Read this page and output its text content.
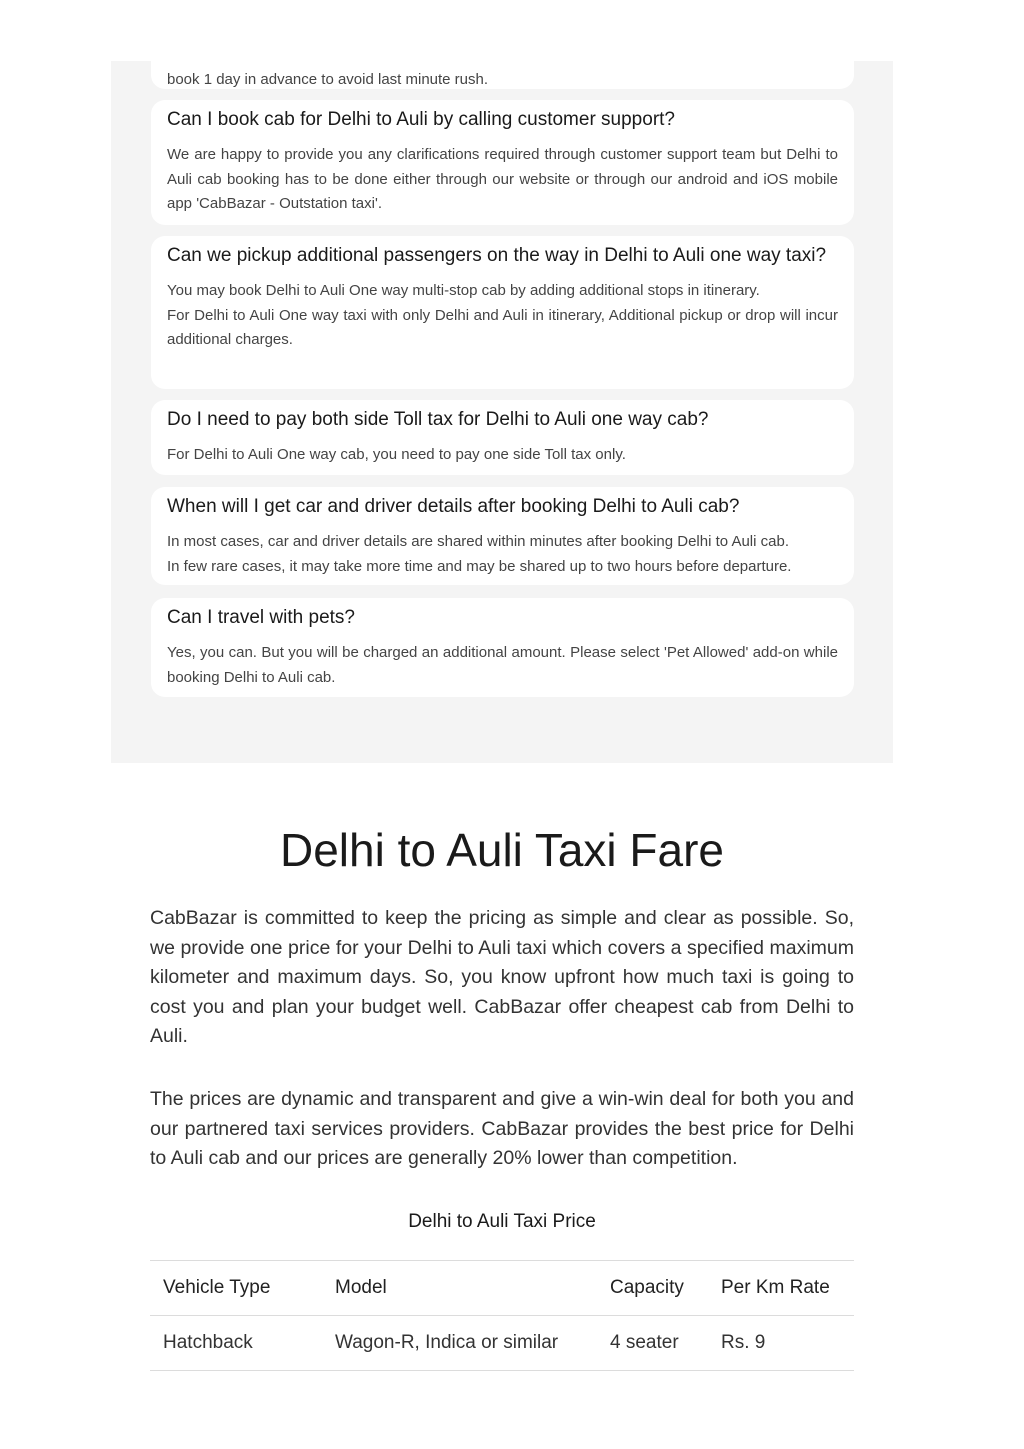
book 1 day in advance to avoid last minute rush.

Can I book cab for Delhi to Auli by calling customer support?

We are happy to provide you any clarifications required through customer support team but Delhi to Auli cab booking has to be done either through our website or through our android and iOS mobile app 'CabBazar - Outstation taxi'.

Can we pickup additional passengers on the way in Delhi to Auli one way taxi?

You may book Delhi to Auli One way multi-stop cab by adding additional stops in itinerary.
For Delhi to Auli One way taxi with only Delhi and Auli in itinerary, Additional pickup or drop will incur additional charges.

Do I need to pay both side Toll tax for Delhi to Auli one way cab?

For Delhi to Auli One way cab, you need to pay one side Toll tax only.

When will I get car and driver details after booking Delhi to Auli cab?

In most cases, car and driver details are shared within minutes after booking Delhi to Auli cab.
In few rare cases, it may take more time and may be shared up to two hours before departure.

Can I travel with pets?

Yes, you can. But you will be charged an additional amount. Please select 'Pet Allowed' add-on while booking Delhi to Auli cab.

Delhi to Auli Taxi Fare

CabBazar is committed to keep the pricing as simple and clear as possible. So, we provide one price for your Delhi to Auli taxi which covers a specified maximum kilometer and maximum days. So, you know upfront how much taxi is going to cost you and plan your budget well. CabBazar offer cheapest cab from Delhi to Auli.

The prices are dynamic and transparent and give a win-win deal for both you and our partnered taxi services providers. CabBazar provides the best price for Delhi to Auli cab and our prices are generally 20% lower than competition.

Delhi to Auli Taxi Price
Vehicle Type	Model	Capacity	Per Km Rate
Hatchback	Wagon-R, Indica or similar	4 seater	Rs. 9
